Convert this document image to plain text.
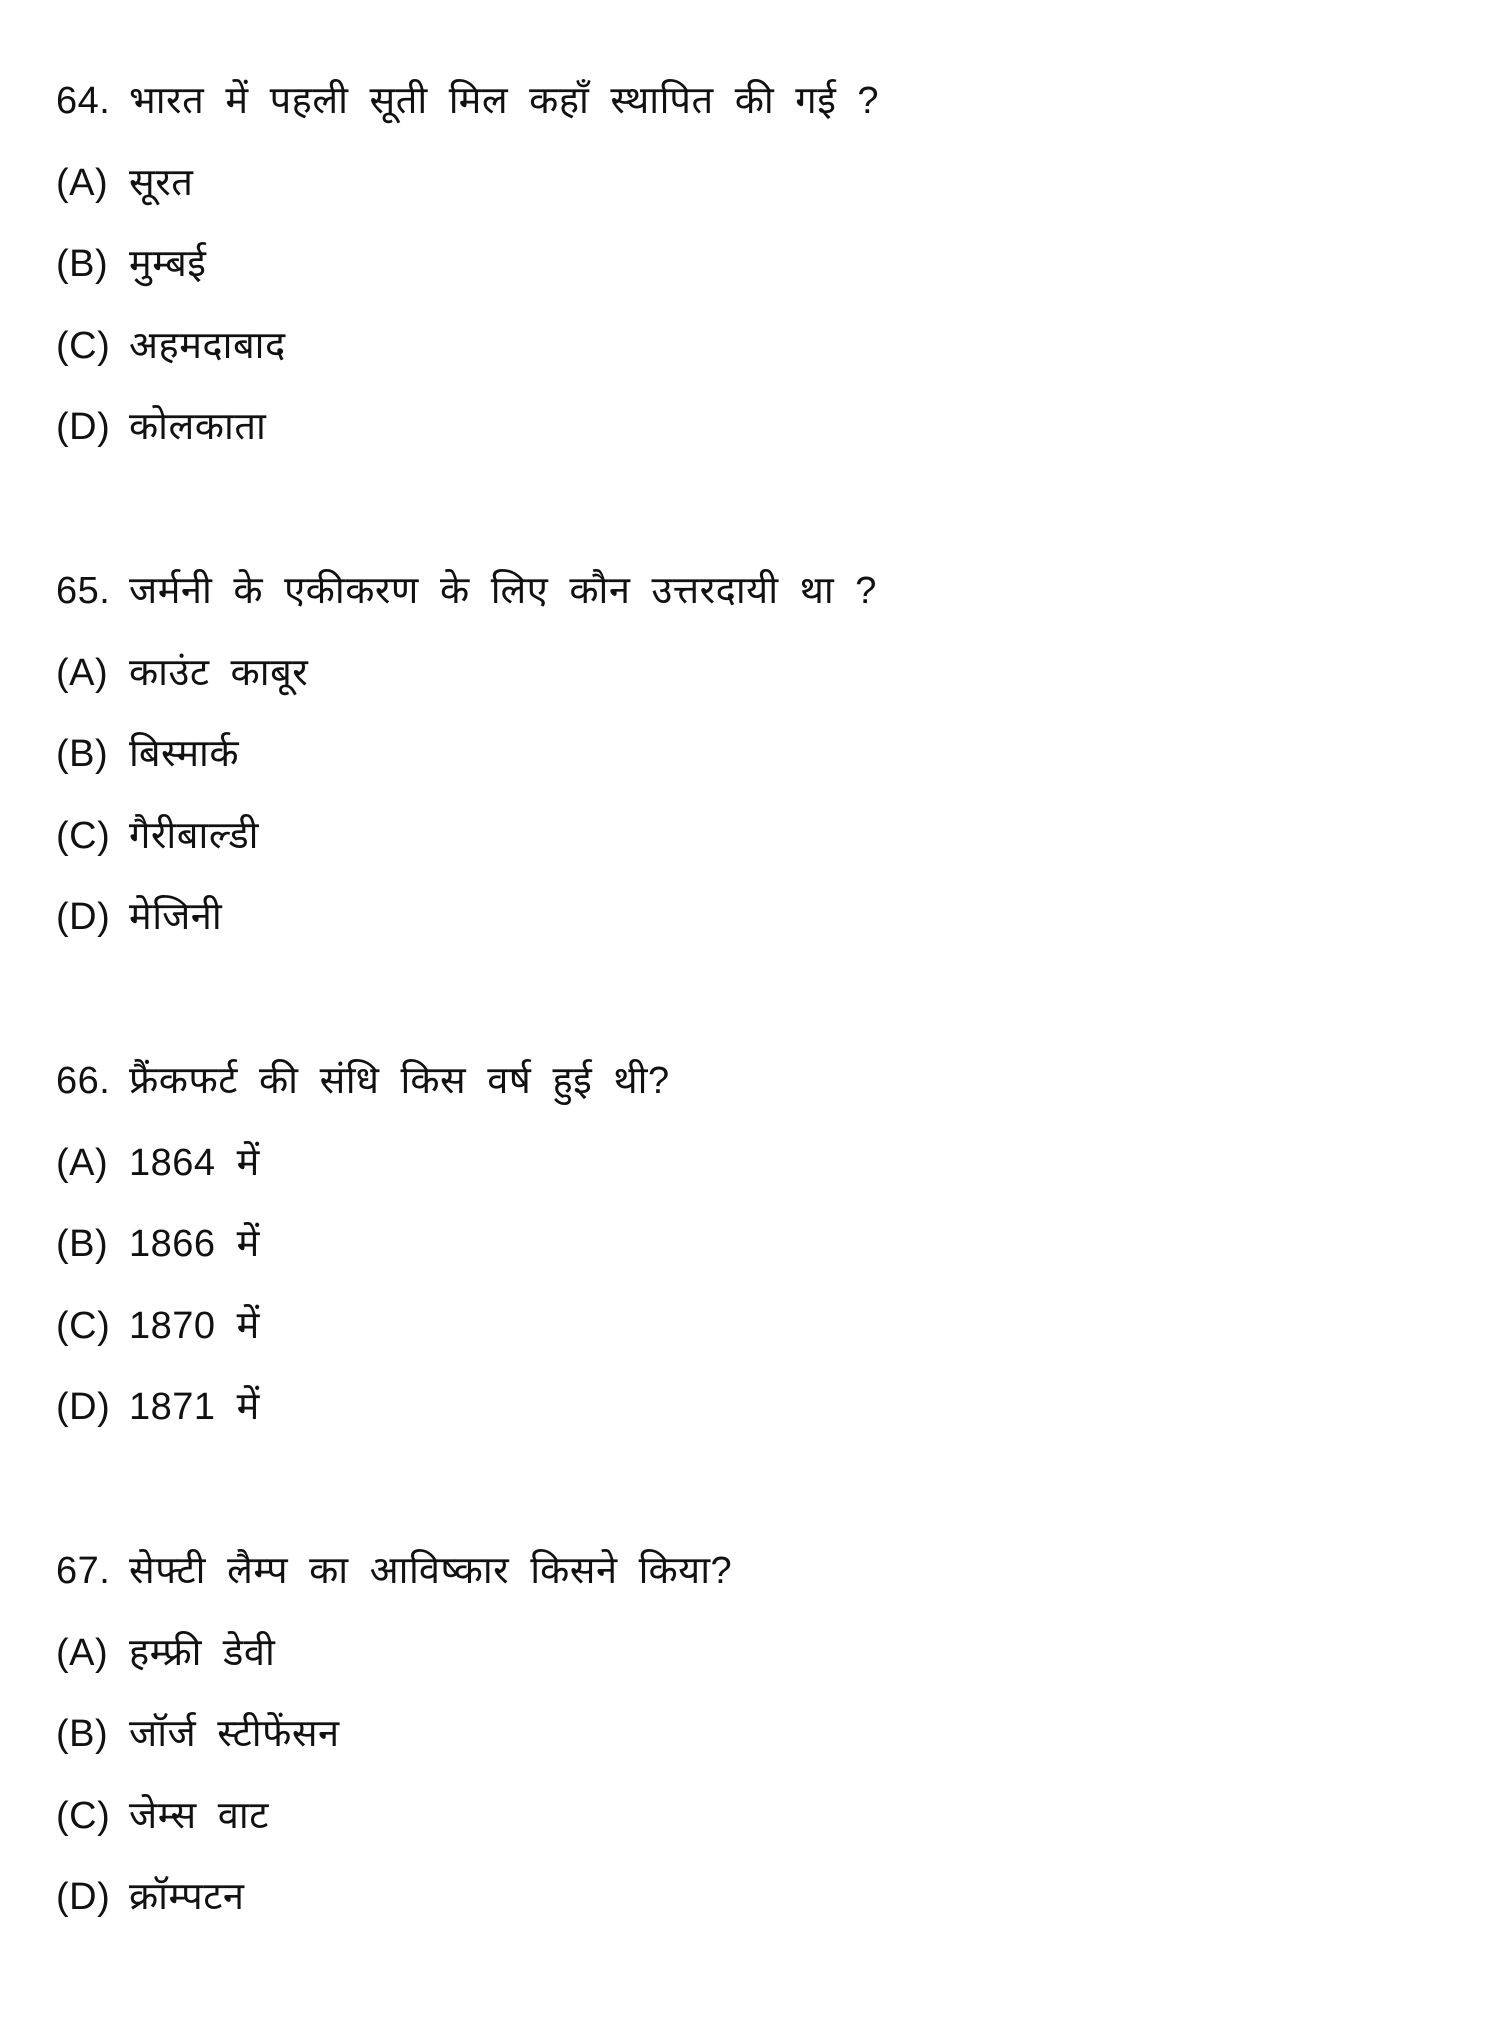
64. भारत में पहली सूती मिल कहाँ स्थापित की गई ?
(A) सूरत
(B) मुम्बई
(C) अहमदाबाद
(D) कोलकाता
65. जर्मनी के एकीकरण के लिए कौन उत्तरदायी था ?
(A) काउंट काबूर
(B) बिस्मार्क
(C) गैरीबाल्डी
(D) मेजिनी
66. फ्रैंकफर्ट की संधि किस वर्ष हुई थी?
(A) 1864 में
(B) 1866 में
(C) 1870 में
(D) 1871 में
67. सेफ्टी लैम्प का आविष्कार किसने किया?
(A) हम्फ्री डेवी
(B) जॉर्ज स्टीफेंसन
(C) जेम्स वाट
(D) क्रॉम्पटन
